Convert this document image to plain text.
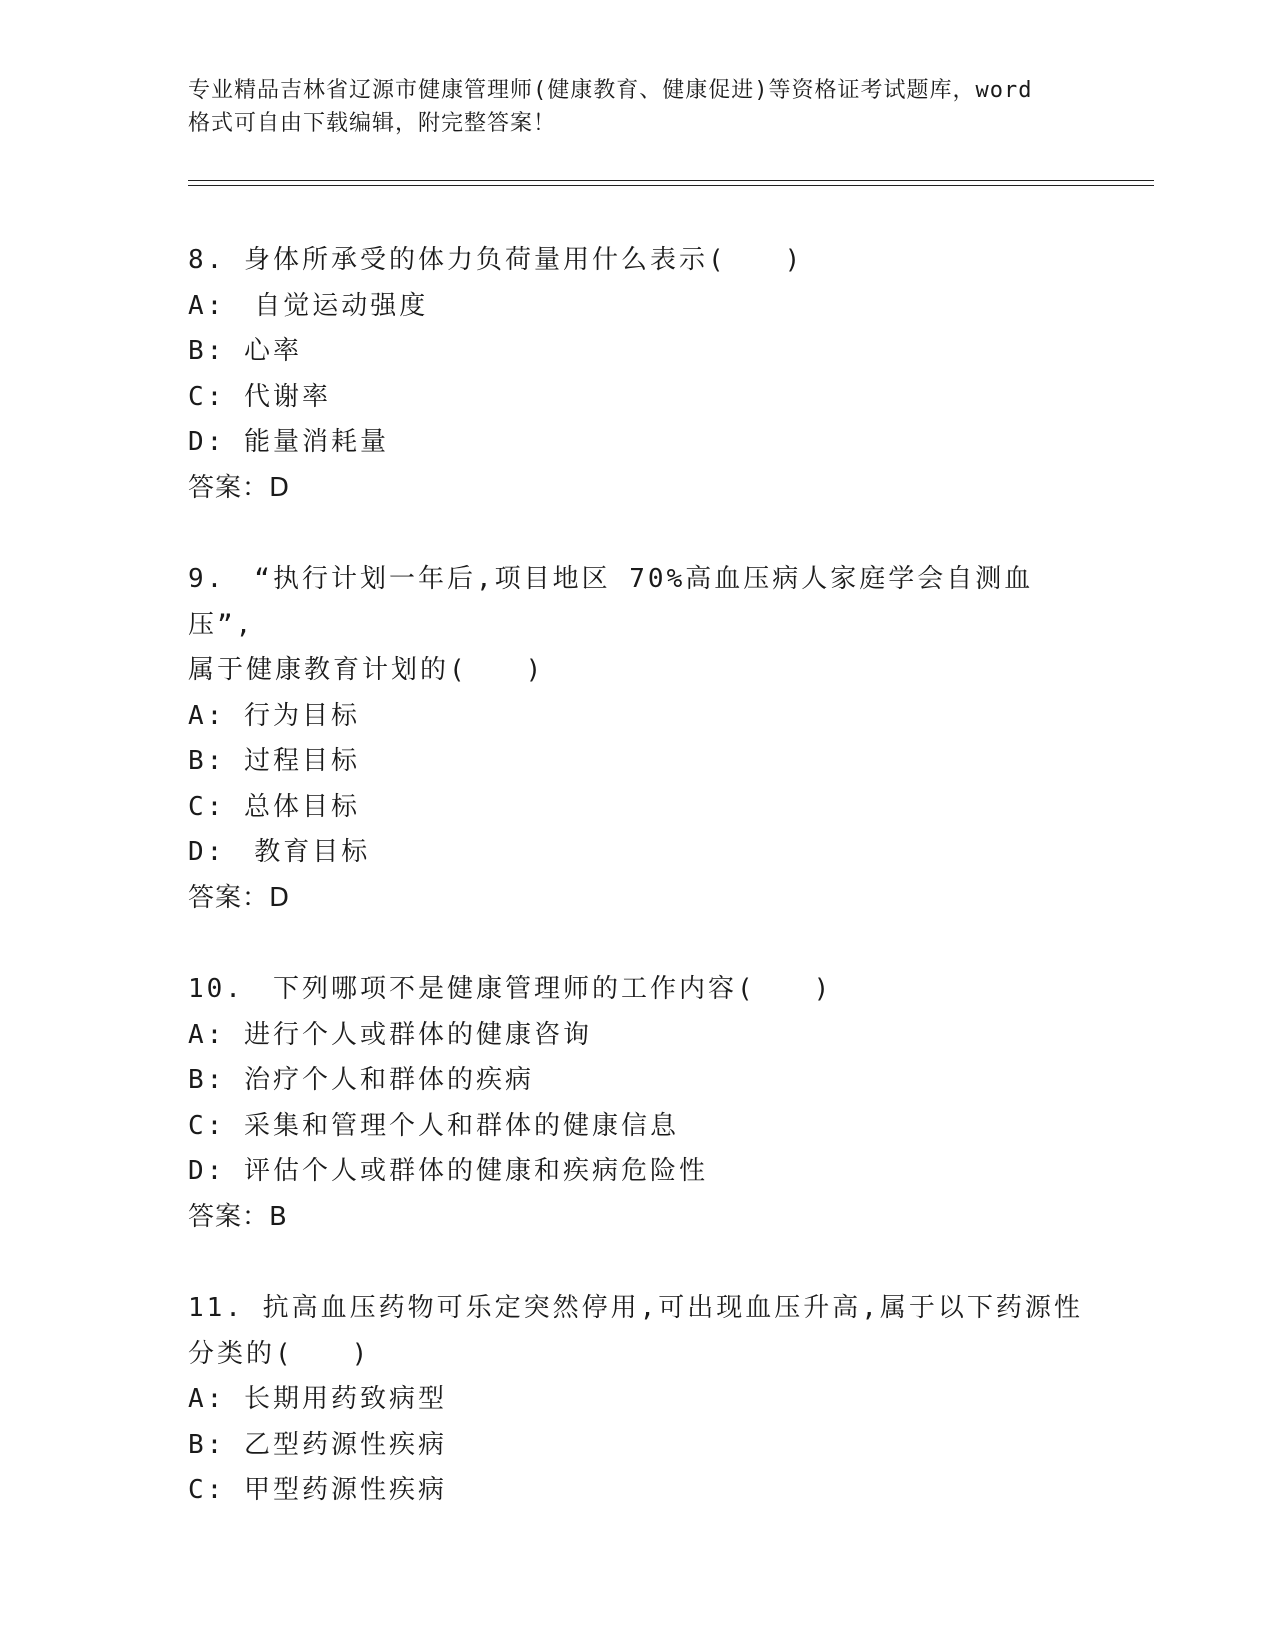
专业精品吉林省辽源市健康管理师(健康教育、健康促进)等资格证考试题库，word
格式可自由下载编辑，附完整答案！

8. 身体所承受的体力负荷量用什么表示(　　)

A:　自觉运动强度

B: 心率

C: 代谢率

D: 能量消耗量

答案：D

9.　“执行计划一年后,项目地区 70%高血压病人家庭学会自测血压”,
属于健康教育计划的(　　)

A: 行为目标

B: 过程目标

C: 总体目标

D:　教育目标

答案：D

10.　下列哪项不是健康管理师的工作内容(　　)

A: 进行个人或群体的健康咨询

B: 治疗个人和群体的疾病

C: 采集和管理个人和群体的健康信息

D: 评估个人或群体的健康和疾病危险性

答案：B

11. 抗高血压药物可乐定突然停用,可出现血压升高,属于以下药源性
分类的(　　)

A: 长期用药致病型

B: 乙型药源性疾病

C: 甲型药源性疾病
